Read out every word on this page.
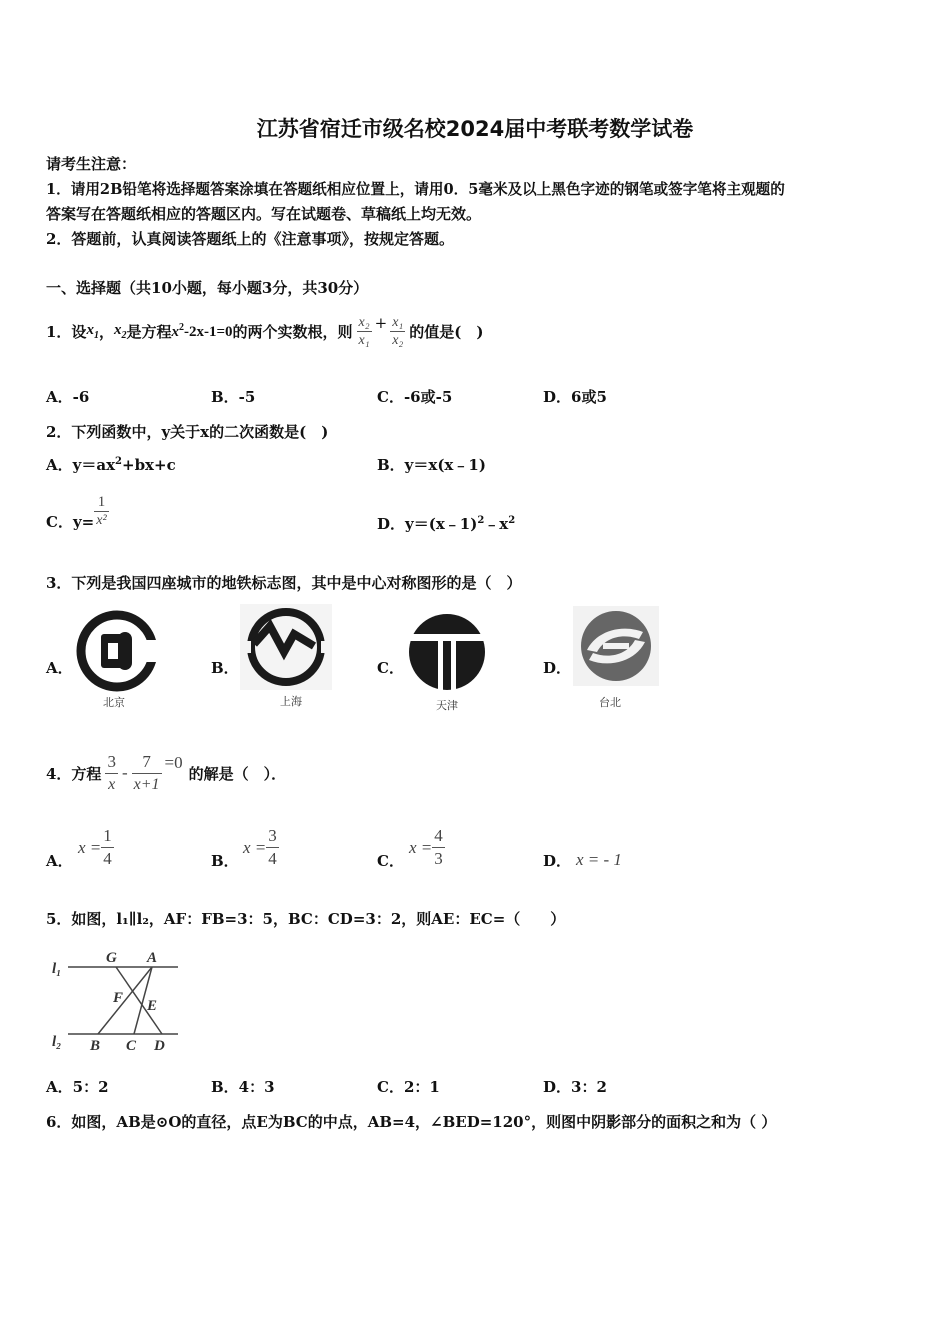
江苏省宿迁市级名校2024届中考联考数学试卷
请考生注意：
1．请用2B铅笔将选择题答案涂填在答题纸相应位置上，请用0．5毫米及以上黑色字迹的钢笔或签字笔将主观题的
答案写在答题纸相应的答题区内。写在试题卷、草稿纸上均无效。
2．答题前，认真阅读答题纸上的《注意事项》，按规定答题。
一、选择题（共10小题，每小题3分，共30分）
1．设 $x_1$ ， $x_2$ 是方程 $x^2-2x-1=0$ 的两个实数根，则 $\frac{\text{x₂}}{\text{x₁}} + \frac{\text{x₁}}{\text{x₂}}$ 的值是(　)
A．-6	B．-5	C．-6或-5	D．6或5
2．下列函数中，y关于x的二次函数是(　)
A．$y=ax^2+bx+c$	B．y＝x(x﹣1)
C．$y= \frac{1}{\text{x²}}$	D．$y=(x﹣1)^2﹣x^2$
3．下列是我国四座城市的地铁标志图，其中是中心对称图形的是（　）
A．	B．	C．	D．
北京	上海	天津	台北
4．方程 $\frac{3}{x} - \frac{7}{x+1} =0$
的解是（　）．
A．
$x = \frac{1}{4}$	B．
$x = \frac{3}{4}$	C．
$x = \frac{4}{3}$	D． x = - 1
5．如图，l₁∥l₂，AF：FB=3：5，BC：CD=3：2，则AE：EC=（　　）
l₁
l₂
G A
F E
B C D
A．5：2	B．4：3	C．2：1	D．3：2
6．如图，AB是⊙O的直径，点E为BC的中点，AB=4，∠BED=120°，则图中阴影部分的面积之和为（ ）
